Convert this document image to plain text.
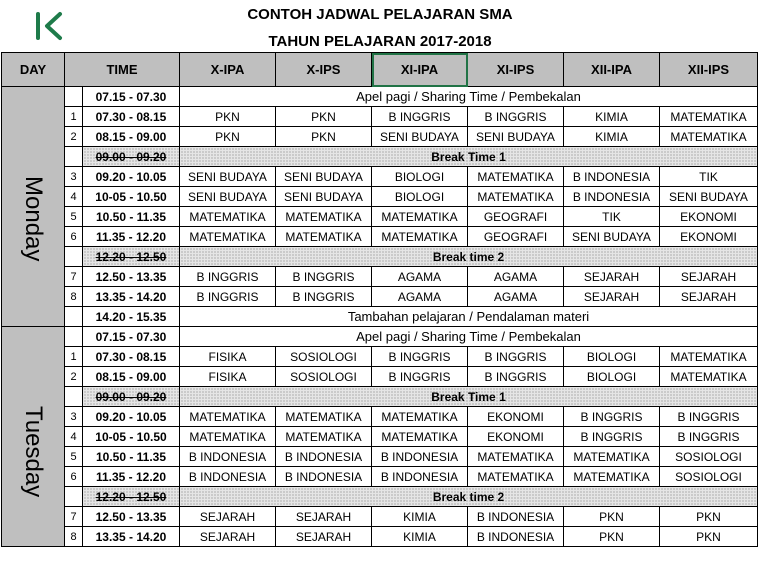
CONTOH JADWAL PELAJARAN SMA
TAHUN PELAJARAN 2017-2018
DAY	TIME		X-IPA	X-IPS	XI-IPA	XI-IPS	XII-IPA	XII-IPS

Monday		07.15 - 07.30	Apel pagi / Sharing Time / Pembekalan					
	1	07.30 - 08.15	PKN	PKN	B INGGRIS	B INGGRIS	KIMIA	MATEMATIKA
	2	08.15 - 09.00	PKN	PKN	SENI BUDAYA	SENI BUDAYA	KIMIA	MATEMATIKA
		09.00 - 09.20	Break Time 1					
	3	09.20 - 10.05	SENI BUDAYA	SENI BUDAYA	BIOLOGI	MATEMATIKA	B INDONESIA	TIK
	4	10-05 - 10.50	SENI BUDAYA	SENI BUDAYA	BIOLOGI	MATEMATIKA	B INDONESIA	SENI BUDAYA
	5	10.50 - 11.35	MATEMATIKA	MATEMATIKA	MATEMATIKA	GEOGRAFI	TIK	EKONOMI
	6	11.35 - 12.20	MATEMATIKA	MATEMATIKA	MATEMATIKA	GEOGRAFI	SENI BUDAYA	EKONOMI
		12.20 - 12.50	Break time 2					
	7	12.50 - 13.35	B INGGRIS	B INGGRIS	AGAMA	AGAMA	SEJARAH	SEJARAH
	8	13.35 - 14.20	B INGGRIS	B INGGRIS	AGAMA	AGAMA	SEJARAH	SEJARAH
		14.20 - 15.35	Tambahan pelajaran / Pendalaman materi					

Tuesday		07.15 - 07.30	Apel pagi / Sharing Time / Pembekalan					
	1	07.30 - 08.15	FISIKA	SOSIOLOGI	B INGGRIS	B INGGRIS	BIOLOGI	MATEMATIKA
	2	08.15 - 09.00	FISIKA	SOSIOLOGI	B INGGRIS	B INGGRIS	BIOLOGI	MATEMATIKA
		09.00 - 09.20	Break Time 1					
	3	09.20 - 10.05	MATEMATIKA	MATEMATIKA	MATEMATIKA	EKONOMI	B INGGRIS	B INGGRIS
	4	10-05 - 10.50	MATEMATIKA	MATEMATIKA	MATEMATIKA	EKONOMI	B INGGRIS	B INGGRIS
	5	10.50 - 11.35	B INDONESIA	B INDONESIA	B INDONESIA	MATEMATIKA	MATEMATIKA	SOSIOLOGI
	6	11.35 - 12.20	B INDONESIA	B INDONESIA	B INDONESIA	MATEMATIKA	MATEMATIKA	SOSIOLOGI
		12.20 - 12.50	Break time 2					
	7	12.50 - 13.35	SEJARAH	SEJARAH	KIMIA	B INDONESIA	PKN	PKN
	8	13.35 - 14.20	SEJARAH	SEJARAH	KIMIA	B INDONESIA	PKN	PKN
